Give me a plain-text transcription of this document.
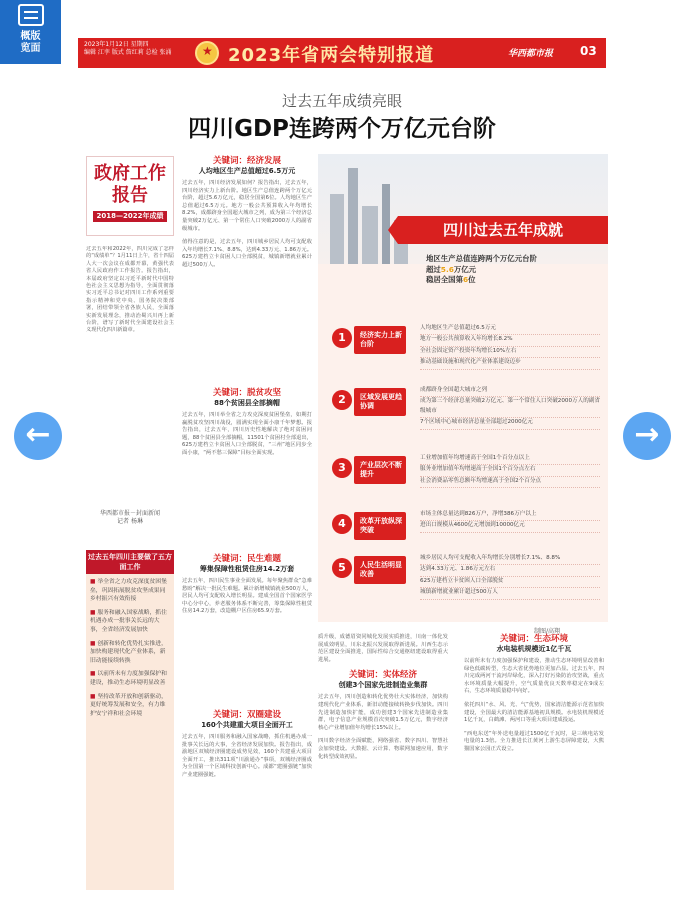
概版览面	2023年1月12日 星期四
编辑 江孪 版式 詹红莉 总检 张涌
★	2023年省两会特别报道	华西都市报 03
过去五年成绩亮眼
四川GDP连跨两个万亿元台阶
政府工作报告
2018—2022年成绩
过去五年和2022年，四川完成了怎样的“成绩单”？1月11日上午，省十四届人大一次会议在成都开幕，黄强代表省人民政府作工作报告。报告指出，本届政府坚定以习近平新时代中国特色社会主义思想为指导，全面贯彻落实习近平总书记对四川工作系列重要指示精神和党中央、国务院决策部署，团结带领全省各族人民，全面落实新发展理念，推动治蜀兴川再上新台阶，谱写了新时代全面建设社会主义现代化四川新篇章。
华西都市报－封面新闻
记者 杨琳
过去五年四川主要做了五方面工作
■ 举全省之力攻克深度贫困堡垒，巩固拓展脱贫攻坚成果同乡村振兴有效衔接
■ 服务和融入国家战略，抓住机遇办成一批事关长远的大事，全省经济发展加快
■ 创新和转化优势扎实推进，加快构建现代化产业体系，新旧动能接续转换
■ 以前所未有力度加强保护和建设，推动生态环境明显改善
■ 坚持改革开放和创新驱动，更好统筹发展和安全，有力维护安宁祥和社会环境
关键词：经济发展
人均地区生产总值超过6.5万元
过去五年，四川经济发展如何？报告指出，过去五年，四川经济实力上新台阶。地区生产总值连跨两个万亿元台阶，超过5.6万亿元，稳居全国第6位。人均地区生产总值超过6.5万元。地方一般公共预算收入年均增长8.2%，成都跻身全国超大城市之列，成为第三个经济总量突破2万亿元、第一个常住人口突破2000万人的副省级城市。
值得注意的是，过去五年，四川城乡居民人均可支配收入年均增长7.1%、8.8%，达到4.33万元、1.86万元。625万建档立卡贫困人口全部脱贫，城镇新增就业累计超过500万人。
关键词：脱贫攻坚
88个贫困县全部摘帽
过去五年，四川举全省之力攻克深度贫困堡垒，如期打赢脱贫攻坚四川战役，圆满实现全面小康千年梦想。报告指出，过去五年，四川历史性地解决了绝对贫困问题，88个贫困县全部摘帽，11501个贫困村全部退出，625万建档立卡贫困人口全部脱贫，“三州”地区同步全面小康，“两不愁三保障”目标全面实现。
关键词：民生难题
筹集保障性租赁住房14.2万套
过去五年，四川民生事业全面发展。每年聚焦群众“急难愁盼”解决一批民生难题。累计新增城镇就业500万人，居民人均可支配收入增长明显。建成全国首个国家医学中心分中心，养老服务体系不断完善，筹集保障性租赁住房14.2万套，改造棚户区住房65.9万套。
关键词：双圈建设
160个共建重大项目全面开工
过去五年，四川服务和融入国家战略，抓住机遇办成一批事关长远的大事，全省经济发展加快。报告指出，成渝地区双城经济圈建设成势见效，160个共建重大项目全面开工，推出311项“川渝通办”事项，双城经济圈成为全国第一个区域科技创新中心。成都“建圈强链”加快产业建圈强链。
四川过去五年成就
地区生产总值连跨两个万亿元台阶
超过5.6万亿元
稳居全国第6位
1	经济实力上新台阶

人均地区生产总值超过6.5万元

地方一般公共预算收入年均增长8.2%

全社会固定资产投资年均增长10%左右

推动基础设施和现代化产业体系建设迈步

2	区域发展更趋协调

成都跻身全国超大城市之列

成为第三个经济总量突破2万亿元、第一个常住人口突破2000万人的副省级城市

7个区域中心城市经济总量全部超过2000亿元

3	产业层次不断提升

工业增加值年均增速高于全国1个百分点以上

服务业增加值年均增速高于全国1个百分点左右

社会消费品零售总额年均增速高于全国2个百分点

4	改革开放纵深突破

市场主体总量达到826万户，净增386万户以上

进出口规模从4600亿元增加到10000亿元

5	人民生活明显改善

城乡居民人均可支配收入年均增长分别增长7.1%、8.8%

达到4.33万元、1.86万元左右

625万建档立卡贫困人口全部脱贫

城镇新增就业累计超过500万人

制图/高翔
质升级，成德眉资同城化发展实质推进，川南一体化发展成效明显，川东北振兴发展取得新进展。川西生态示范区建设全面推进，国际性综合交通枢纽建设取得重大进展。
关键词：实体经济
创建3个国家先进制造业集群
过去五年，四川创造和转化优势壮大实体经济，加快构建现代化产业体系，新旧动能接续转换步伐加快。四川先进制造加快扩能，成功创建3个国家先进制造业集群，电子信息产业规模首次突破1.5万亿元，数字经济核心产业增加值年均增长15%以上。
四川数字经济全面赋能，网络强省、数字四川、智慧社会加快建设。大数据、云计算、物联网加速应用，数字化转型成效初显。
关键词：生态环境
水电装机规模近1亿千瓦
以前所未有力度加强保护和建设，推动生态环境明显改善和绿色低碳转型，生态大省优势地位更加凸显。过去五年，四川完成两河干流河岸绿化，深入打好污染防治攻坚战，重点水环境质量大幅提升，空气质量优良天数率稳定在9成左右，生态环境质量稳中向好。
依托四川“水、风、光、气”优势，国家清洁能源示范省加快建设，全国最大的清洁能源基地初具规模。水电装机规模近1亿千瓦，白鹤滩、两河口等重大项目建成投运。
“西电东送”年外送电量超过1500亿千瓦时，是三峡电站发电量的1.3倍。全力推进长江黄河上游生态屏障建设，大熊猫国家公园正式设立。
←	→
